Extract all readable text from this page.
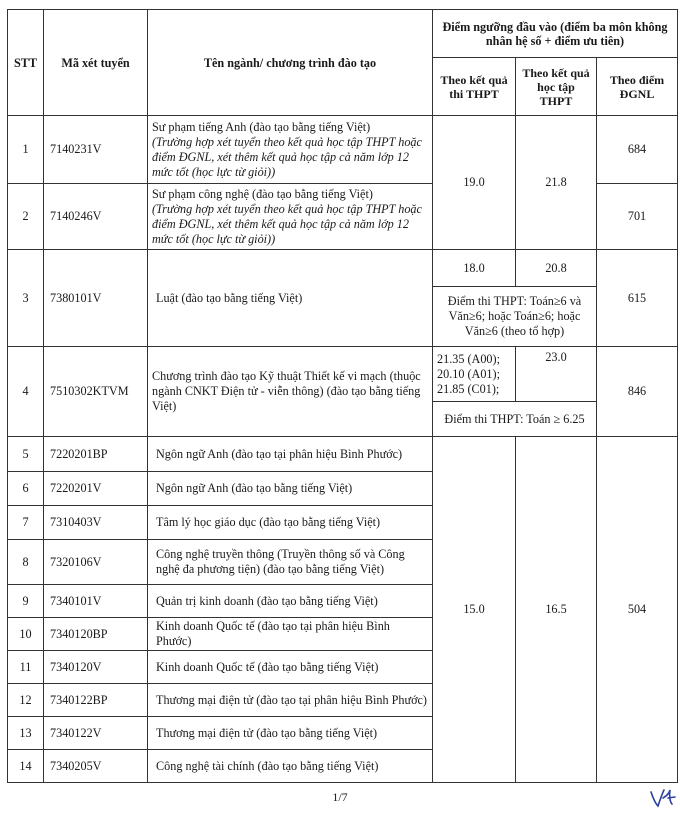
STT	Mã xét tuyển	Tên ngành/ chương trình đào tạo	Điểm ngưỡng đầu vào (điểm ba môn không nhân hệ số + điểm ưu tiên)		
			Theo kết quả thi THPT	Theo kết quả học tập THPT	Theo điểm ĐGNL
1	7140231V	Sư phạm tiếng Anh (đào tạo bằng tiếng Việt)
(Trường hợp xét tuyển theo kết quả học tập THPT hoặc điểm ĐGNL, xét thêm kết quả học tập cả năm lớp 12 mức tốt (học lực từ giỏi))	19.0	21.8	684
2	7140246V	Sư phạm công nghệ (đào tạo bằng tiếng Việt)
(Trường hợp xét tuyển theo kết quả học tập THPT hoặc điểm ĐGNL, xét thêm kết quả học tập cả năm lớp 12 mức tốt (học lực từ giỏi))			701
3	7380101V	Luật (đào tạo bằng tiếng Việt)	18.0	20.8	615
			Điểm thi THPT: Toán≥6 và Văn≥6; hoặc Toán≥6; hoặc Văn≥6 (theo tổ hợp)		
4	7510302KTVM	Chương trình đào tạo Kỹ thuật Thiết kế vi mạch (thuộc ngành CNKT Điện tử - viễn thông) (đào tạo bằng tiếng Việt)	21.35 (A00); 20.10 (A01); 21.85 (C01);	23.0	846
			Điểm thi THPT: Toán ≥ 6.25		
5	7220201BP	Ngôn ngữ Anh (đào tạo tại phân hiệu Bình Phước)	15.0	16.5	504
6	7220201V	Ngôn ngữ Anh (đào tạo bằng tiếng Việt)			
7	7310403V	Tâm lý học giáo dục (đào tạo bằng tiếng Việt)			
8	7320106V	Công nghệ truyền thông (Truyền thông số và Công nghệ đa phương tiện) (đào tạo bằng tiếng Việt)			
9	7340101V	Quản trị kinh doanh (đào tạo bằng tiếng Việt)			
10	7340120BP	Kinh doanh Quốc tế (đào tạo tại phân hiệu Bình Phước)			
11	7340120V	Kinh doanh Quốc tế (đào tạo bằng tiếng Việt)			
12	7340122BP	Thương mại điện tử (đào tạo tại phân hiệu Bình Phước)			
13	7340122V	Thương mại điện tử (đào tạo bằng tiếng Việt)			
14	7340205V	Công nghệ tài chính (đào tạo bằng tiếng Việt)			
1/7
